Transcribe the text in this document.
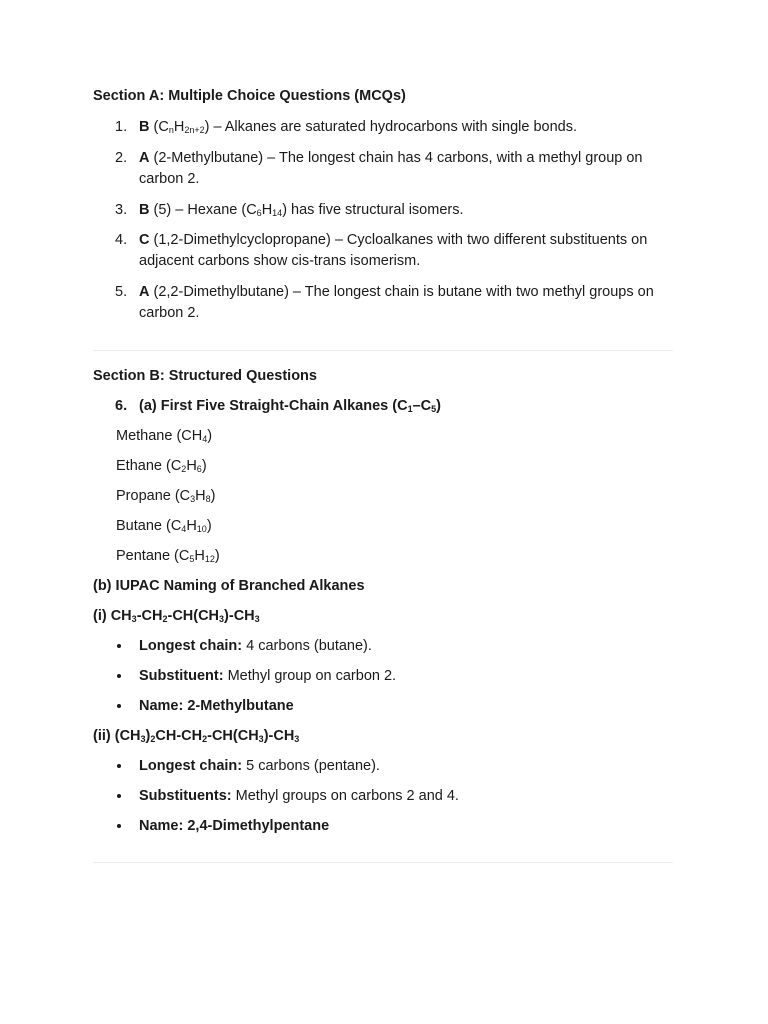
Section A: Multiple Choice Questions (MCQs)

1. B $(C_nH_{2n+2})$ – Alkanes are saturated hydrocarbons with single bonds.
2. A (2-Methylbutane) – The longest chain has 4 carbons, with a methyl group on carbon 2.
3. B (5) – Hexane $(C_6H_{14})$ has five structural isomers.
4. C (1,2-Dimethylcyclopropane) – Cycloalkanes with two different substituents on adjacent carbons show cis-trans isomerism.
5. A (2,2-Dimethylbutane) – The longest chain is butane with two methyl groups on carbon 2.

Section B: Structured Questions

6. (a) First Five Straight-Chain Alkanes $(C_1-C_5)$
Methane $(CH_4)$
Ethane $(C_2H_6)$
Propane $(C_3H_8)$
Butane $(C_4H_{10})$
Pentane $(C_5H_{12})$
(b) IUPAC Naming of Branched Alkanes
(i) $CH_3-CH_2-CH(CH_3)-CH_3$
Longest chain: 4 carbons (butane).
Substituent: Methyl group on carbon 2.
Name: 2-Methylbutane
(ii) $(CH_3)_2CH-CH_2-CH(CH_3)-CH_3$
Longest chain: 5 carbons (pentane).
Substituents: Methyl groups on carbons 2 and 4.
Name: 2,4-Dimethylpentane
